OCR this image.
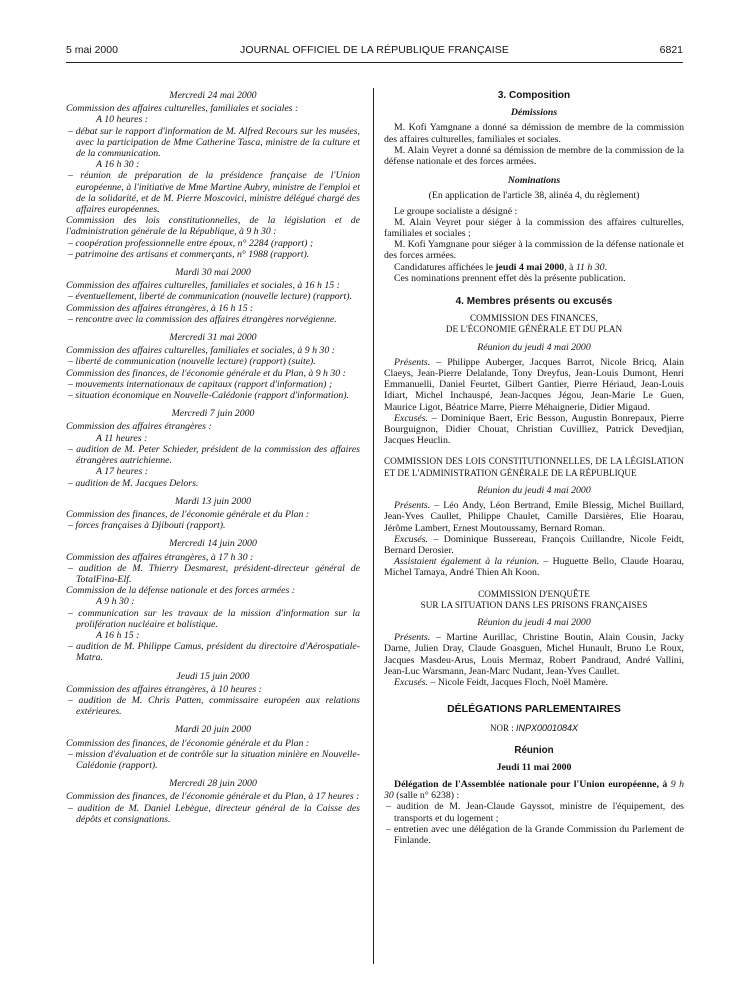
5 mai 2000	JOURNAL OFFICIEL DE LA RÉPUBLIQUE FRANÇAISE	6821
Mercredi 24 mai 2000
Commission des affaires culturelles, familiales et sociales :
A 10 heures :
– débat sur le rapport d'information de M. Alfred Recours sur les musées, avec la participation de Mme Catherine Tasca, ministre de la culture et de la communication.
A 16 h 30 :
– réunion de préparation de la présidence française de l'Union européenne, à l'initiative de Mme Martine Aubry, ministre de l'emploi et de la solidarité, et de M. Pierre Moscovici, ministre délégué chargé des affaires européennes.
Commission des lois constitutionnelles, de la législation et de l'administration générale de la République, à 9 h 30 :
– coopération professionnelle entre époux, n° 2284 (rapport) ;
– patrimoine des artisans et commerçants, n° 1988 (rapport).
Mardi 30 mai 2000
Commission des affaires culturelles, familiales et sociales, à 16 h 15 :
– éventuellement, liberté de communication (nouvelle lecture) (rapport).
Commission des affaires étrangères, à 16 h 15 :
– rencontre avec la commission des affaires étrangères norvégienne.
Mercredi 31 mai 2000
Commission des affaires culturelles, familiales et sociales, à 9 h 30 :
– liberté de communication (nouvelle lecture) (rapport) (suite).
Commission des finances, de l'économie générale et du Plan, à 9 h 30 :
– mouvements internationaux de capitaux (rapport d'information) ;
– situation économique en Nouvelle-Calédonie (rapport d'information).
Mercredi 7 juin 2000
Commission des affaires étrangères :
A 11 heures :
– audition de M. Peter Schieder, président de la commission des affaires étrangères autrichienne.
A 17 heures :
– audition de M. Jacques Delors.
Mardi 13 juin 2000
Commission des finances, de l'économie générale et du Plan :
– forces françaises à Djibouti (rapport).
Mercredi 14 juin 2000
Commission des affaires étrangères, à 17 h 30 :
– audition de M. Thierry Desmarest, président-directeur général de TotalFina-Elf.
Commission de la défense nationale et des forces armées :
A 9 h 30 :
– communication sur les travaux de la mission d'information sur la prolifération nucléaire et balistique.
A 16 h 15 :
– audition de M. Philippe Camus, président du directoire d'Aérospatiale-Matra.
Jeudi 15 juin 2000
Commission des affaires étrangères, à 10 heures :
– audition de M. Chris Patten, commissaire européen aux relations extérieures.
Mardi 20 juin 2000
Commission des finances, de l'économie générale et du Plan :
– mission d'évaluation et de contrôle sur la situation minière en Nouvelle-Calédonie (rapport).
Mercredi 28 juin 2000
Commission des finances, de l'économie générale et du Plan, à 17 heures :
– audition de M. Daniel Lebègue, directeur général de la Caisse des dépôts et consignations.
3. Composition
Démissions
M. Kofi Yamgnane a donné sa démission de membre de la commission des affaires culturelles, familiales et sociales.
M. Alain Veyret a donné sa démission de membre de la commission de la défense nationale et des forces armées.
Nominations
(En application de l'article 38, alinéa 4, du règlement)
Le groupe socialiste a désigné :
M. Alain Veyret pour siéger à la commission des affaires culturelles, familiales et sociales ;
M. Kofi Yamgnane pour siéger à la commission de la défense nationale et des forces armées.
Candidatures affichées le jeudi 4 mai 2000, à 11 h 30.
Ces nominations prennent effet dès la présente publication.
4. Membres présents ou excusés
COMMISSION DES FINANCES,
DE L'ÉCONOMIE GÉNÉRALE ET DU PLAN
Réunion du jeudi 4 mai 2000
Présents. – Philippe Auberger, Jacques Barrot, Nicole Bricq, Alain Claeys, Jean-Pierre Delalande, Tony Dreyfus, Jean-Louis Dumont, Henri Emmanuelli, Daniel Feurtet, Gilbert Gantier, Pierre Hériaud, Jean-Louis Idiart, Michel Inchauspé, Jean-Jacques Jégou, Jean-Marie Le Guen, Maurice Ligot, Béatrice Marre, Pierre Méhaignerie, Didier Migaud.
Excusés. – Dominique Baert, Eric Besson, Augustin Bonrepaux, Pierre Bourguignon, Didier Chouat, Christian Cuvilliez, Patrick Devedjian, Jacques Heuclin.
COMMISSION DES LOIS CONSTITUTIONNELLES, DE LA LÉGISLATION ET DE L'ADMINISTRATION GÉNÉRALE DE LA RÉPUBLIQUE
Réunion du jeudi 4 mai 2000
Présents. – Léo Andy, Léon Bertrand, Emile Blessig, Michel Buillard, Jean-Yves Caullet, Philippe Chaulet, Camille Darsières, Elie Hoarau, Jérôme Lambert, Ernest Moutoussamy, Bernard Roman.
Excusés. – Dominique Bussereau, François Cuillandre, Nicole Feidt, Bernard Derosier.
Assistaient également à la réunion. – Huguette Bello, Claude Hoarau, Michel Tamaya, André Thien Ah Koon.
COMMISSION D'ENQUÊTE
SUR LA SITUATION DANS LES PRISONS FRANÇAISES
Réunion du jeudi 4 mai 2000
Présents. – Martine Aurillac, Christine Boutin, Alain Cousin, Jacky Darne, Julien Dray, Claude Goasguen, Michel Hunault, Bruno Le Roux, Jacques Masdeu-Arus, Louis Mermaz, Robert Pandraud, André Vallini, Jean-Luc Warsmann, Jean-Marc Nudant, Jean-Yves Caullet.
Excusés. – Nicole Feidt, Jacques Floch, Noël Mamère.
DÉLÉGATIONS PARLEMENTAIRES
NOR : INPX0001084X
Réunion
Jeudi 11 mai 2000
Délégation de l'Assemblée nationale pour l'Union européenne, à 9 h 30 (salle n° 6238) :
– audition de M. Jean-Claude Gayssot, ministre de l'équipement, des transports et du logement ;
– entretien avec une délégation de la Grande Commission du Parlement de Finlande.
